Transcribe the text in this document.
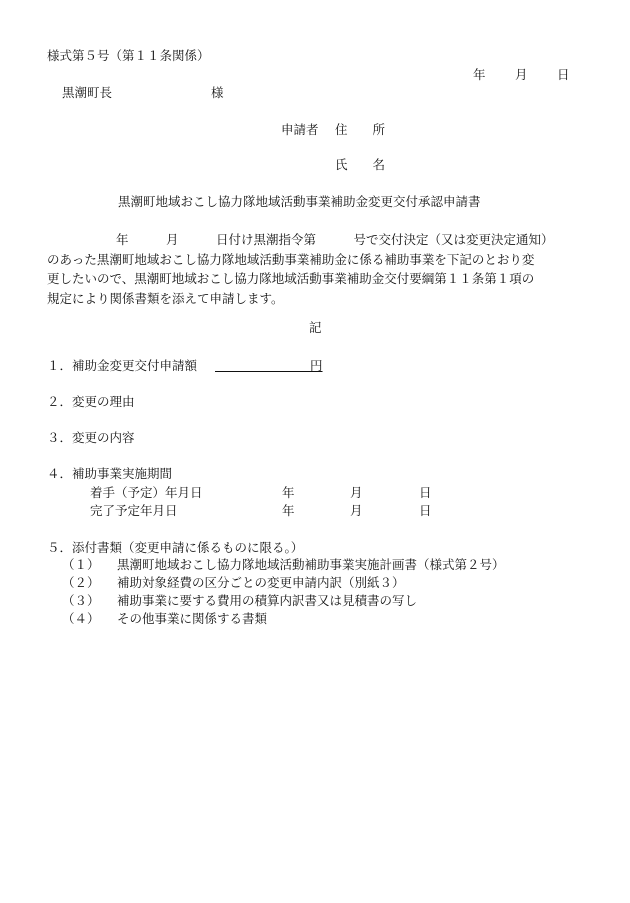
様式第５号（第１１条関係）
年 月 日
黒潮町長	様
申請者 住　　所
氏　　名
黒潮町地域おこし協力隊地域活動事業補助金変更交付承認申請書
年　　　月　　　日付け黒潮指令第　　　号で交付決定（又は変更決定通知）
のあった黒潮町地域おこし協力隊地域活動事業補助金に係る補助事業を下記のとおり変
更したいので、黒潮町地域おこし協力隊地域活動事業補助金交付要綱第１１条第１項の
規定により関係書類を添えて申請します。
記
１．補助金変更交付申請額	円
２．変更の理由
３．変更の内容
４．補助事業実施期間
着手（予定）年月日	年	月	日
完了予定年月日	年	月	日
５．添付書類（変更申請に係るものに限る。）
（１） 黒潮町地域おこし協力隊地域活動補助事業実施計画書（様式第２号）
（２） 補助対象経費の区分ごとの変更申請内訳（別紙３）
（３） 補助事業に要する費用の積算内訳書又は見積書の写し
（４） その他事業に関係する書類
